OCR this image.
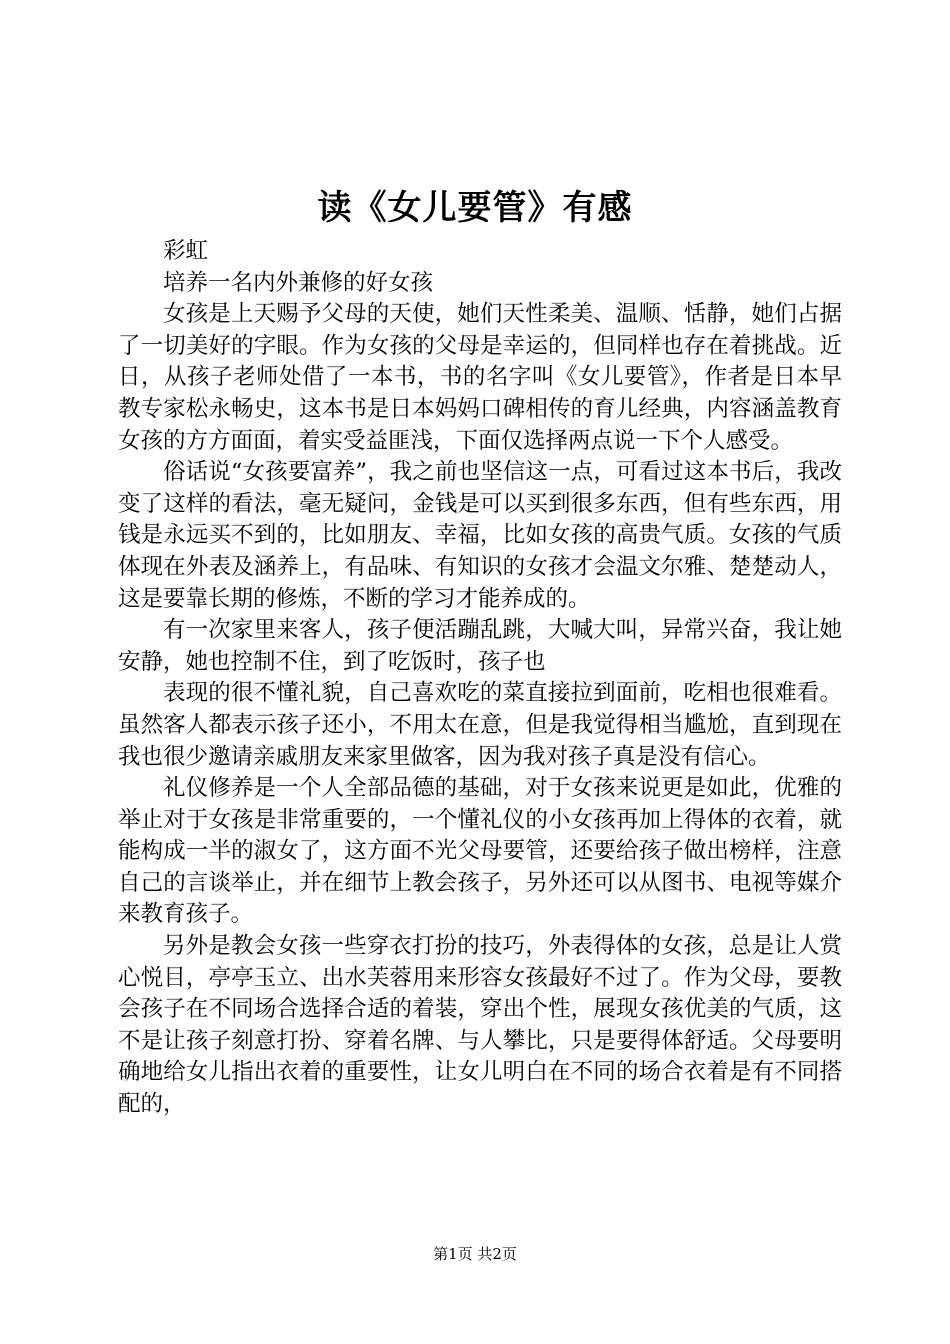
读《女儿要管》有感

彩虹

培养一名内外兼修的好女孩

女孩是上天赐予父母的天使，她们天性柔美、温顺、恬静，她们占据了一切美好的字眼。作为女孩的父母是幸运的，但同样也存在着挑战。近日，从孩子老师处借了一本书，书的名字叫《女儿要管》，作者是日本早教专家松永畅史，这本书是日本妈妈口碑相传的育儿经典，内容涵盖教育女孩的方方面面，着实受益匪浅，下面仅选择两点说一下个人感受。

俗话说“女孩要富养”，我之前也坚信这一点，可看过这本书后，我改变了这样的看法，毫无疑问，金钱是可以买到很多东西，但有些东西，用钱是永远买不到的，比如朋友、幸福，比如女孩的高贵气质。女孩的气质体现在外表及涵养上，有品味、有知识的女孩才会温文尔雅、楚楚动人，这是要靠长期的修炼，不断的学习才能养成的。

有一次家里来客人，孩子便活蹦乱跳，大喊大叫，异常兴奋，我让她安静，她也控制不住，到了吃饭时，孩子也

表现的很不懂礼貌，自己喜欢吃的菜直接拉到面前，吃相也很难看。虽然客人都表示孩子还小，不用太在意，但是我觉得相当尴尬，直到现在我也很少邀请亲戚朋友来家里做客，因为我对孩子真是没有信心。

礼仪修养是一个人全部品德的基础，对于女孩来说更是如此，优雅的举止对于女孩是非常重要的，一个懂礼仪的小女孩再加上得体的衣着，就能构成一半的淑女了，这方面不光父母要管，还要给孩子做出榜样，注意自己的言谈举止，并在细节上教会孩子，另外还可以从图书、电视等媒介来教育孩子。

另外是教会女孩一些穿衣打扮的技巧，外表得体的女孩，总是让人赏心悦目，亭亭玉立、出水芙蓉用来形容女孩最好不过了。作为父母，要教会孩子在不同场合选择合适的着装，穿出个性，展现女孩优美的气质，这不是让孩子刻意打扮、穿着名牌、与人攀比，只是要得体舒适。父母要明确地给女儿指出衣着的重要性，让女儿明白在不同的场合衣着是有不同搭配的，

第1页 共2页
